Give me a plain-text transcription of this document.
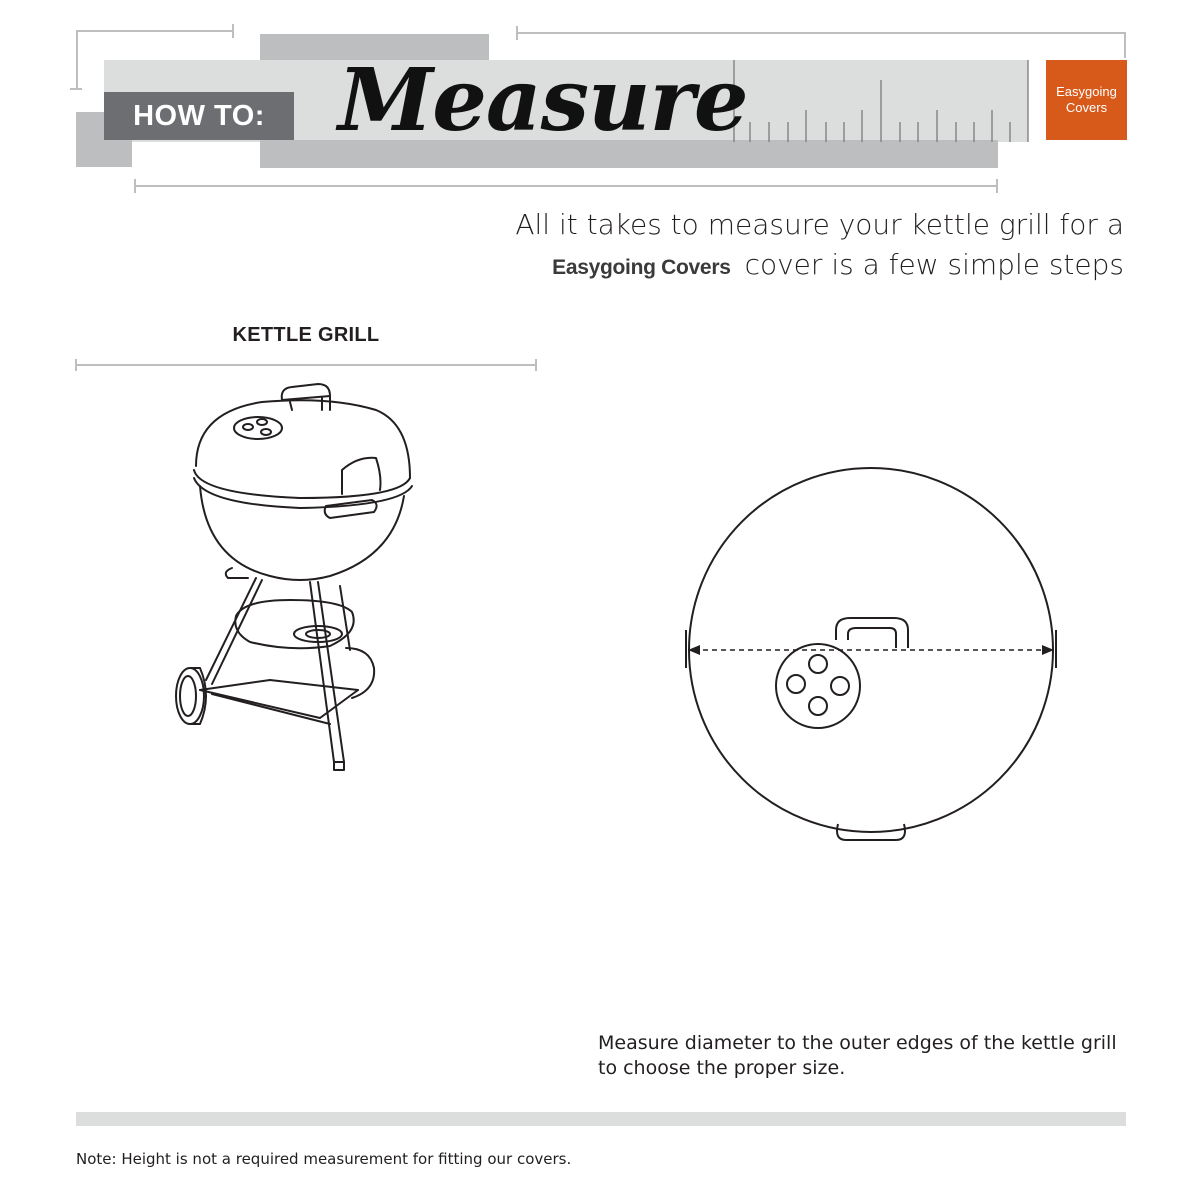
HOW TO: Measure	Easygoing
Covers
All it takes to measure your kettle grill for a
Easygoing Covers cover is a few simple steps
KETTLE GRILL
Measure diameter to the outer edges of the kettle grill to choose the proper size.
Note: Height is not a required measurement for fitting our covers.
